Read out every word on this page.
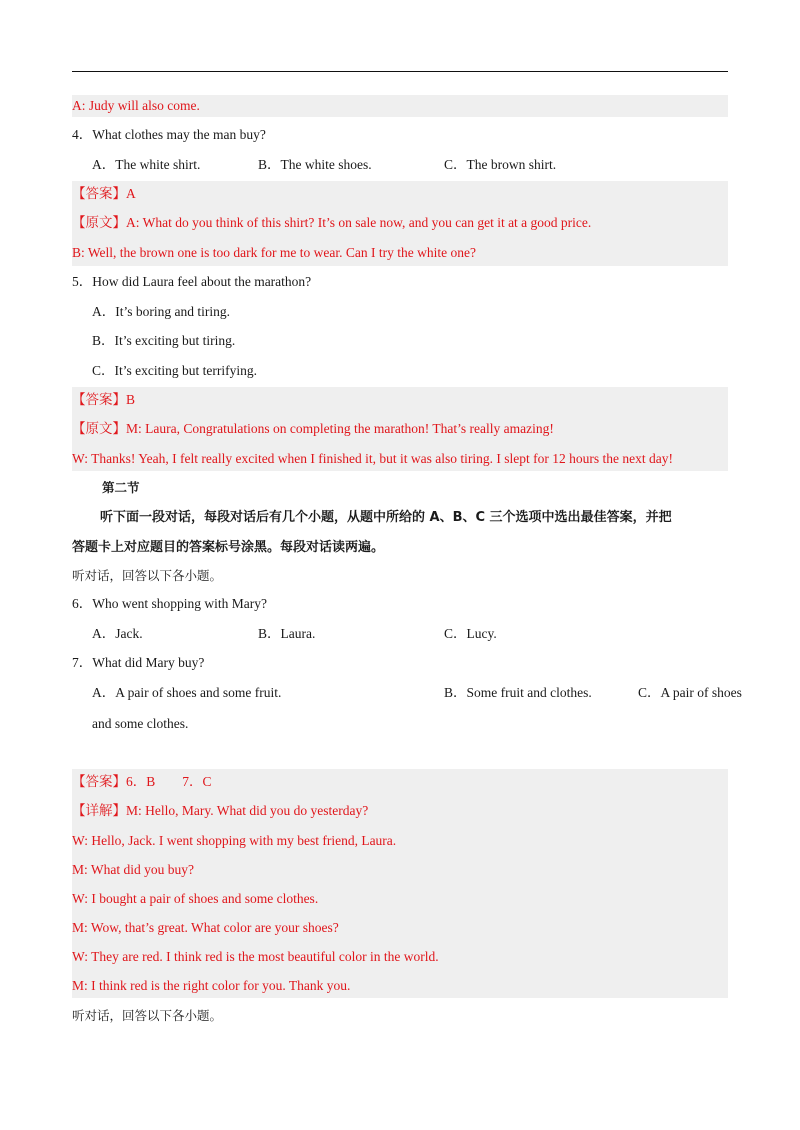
A: Judy will also come.
4．What clothes may the man buy?
A．The white shirt.	B．The white shoes.	C．The brown shirt.
【答案】A
【原文】A: What do you think of this shirt? It’s on sale now, and you can get it at a good price.
B: Well, the brown one is too dark for me to wear. Can I try the white one?
5．How did Laura feel about the marathon?
A．It’s boring and tiring.
B．It’s exciting but tiring.
C．It’s exciting but terrifying.
【答案】B
【原文】M: Laura, Congratulations on completing the marathon! That’s really amazing!
W: Thanks! Yeah, I felt really excited when I finished it, but it was also tiring. I slept for 12 hours the next day!
第二节
听下面一段对话，每段对话后有几个小题，从题中所给的 A、B、C 三个选项中选出最佳答案，并把
答题卡上对应题目的答案标号涂黑。每段对话读两遍。
听对话，回答以下各小题。
6．Who went shopping with Mary?
A．Jack.	B．Laura.	C．Lucy.
7．What did Mary buy?
A．A pair of shoes and some fruit.	B．Some fruit and clothes.	C．A pair of shoes
and some clothes.
【答案】6．B        7．C
【详解】M: Hello, Mary. What did you do yesterday?
W: Hello, Jack. I went shopping with my best friend, Laura.
M: What did you buy?
W: I bought a pair of shoes and some clothes.
M: Wow, that’s great. What color are your shoes?
W: They are red. I think red is the most beautiful color in the world.
M: I think red is the right color for you. Thank you.
听对话，回答以下各小题。
